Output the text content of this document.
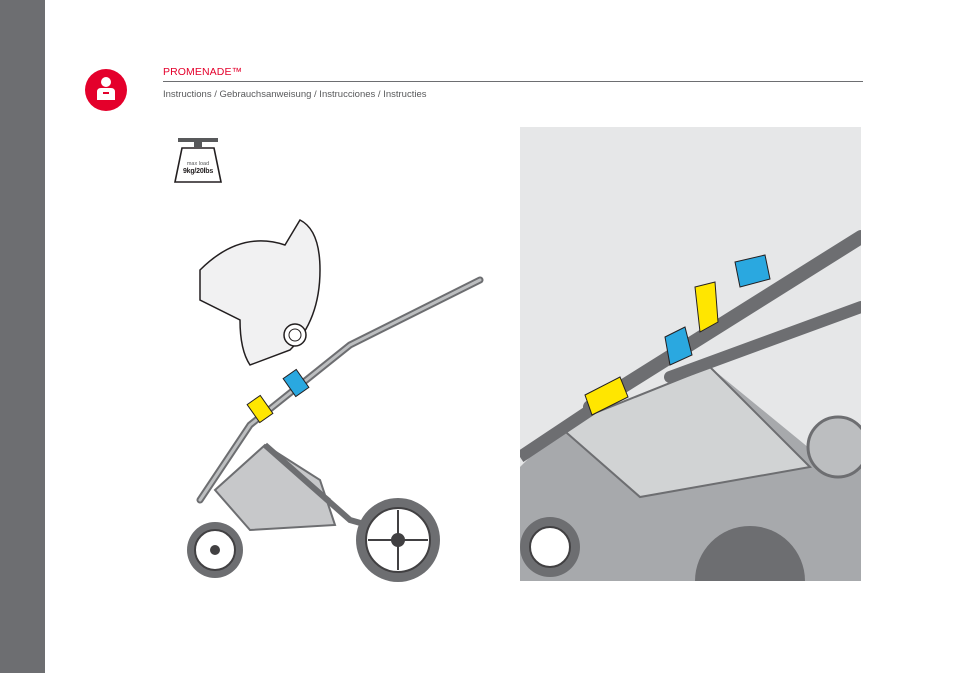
PROMENADE™
Instructions / Gebrauchsanweisung / Instrucciones / Instructies
max load
9kg/20lbs
